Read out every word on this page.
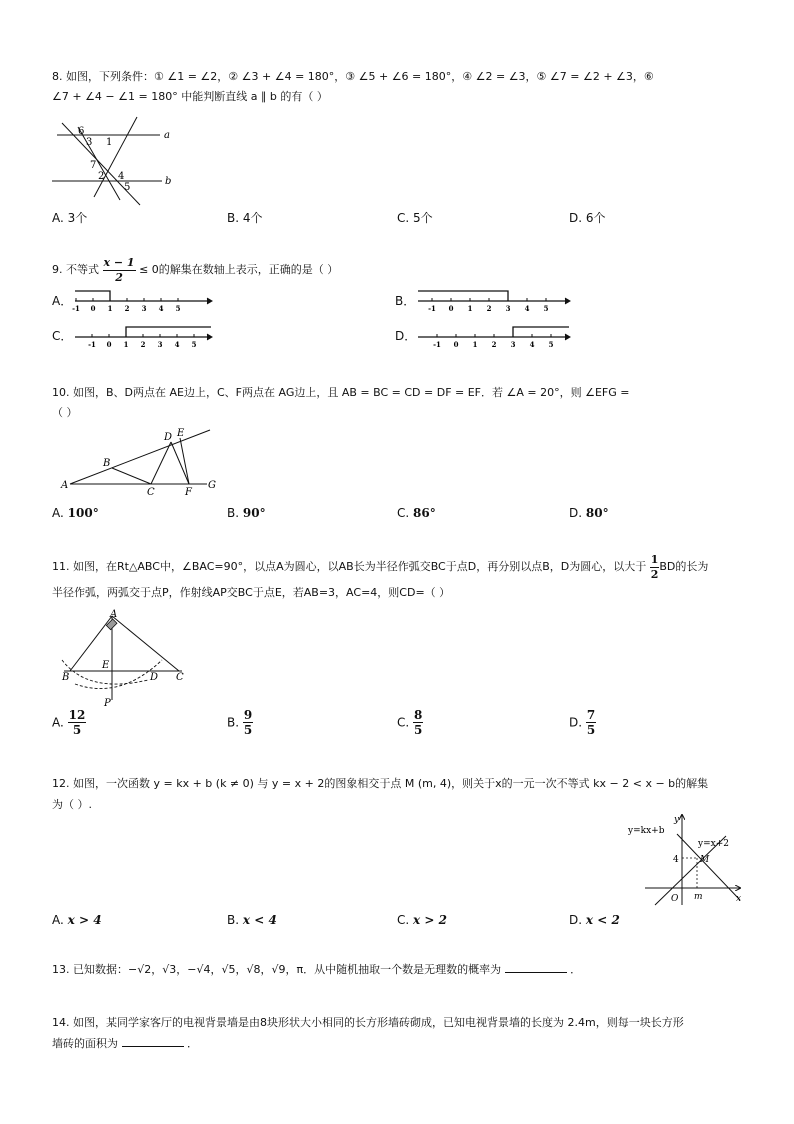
8. 如图，下列条件：① ∠1 = ∠2，② ∠3 + ∠4 = 180°，③ ∠5 + ∠6 = 180°，④ ∠2 = ∠3，⑤ ∠7 = ∠2 + ∠3，⑥
∠7 + ∠4 − ∠1 = 180° 中能判断直线 a ∥ b 的有（ ）
a
b
6
3 1
7
2 4
5
A. 3个	B. 4个	C. 5个	D. 6个
9. 不等式 $\frac{x - 1}{2} \le 0$的解集在数轴上表示，正确的是（ ）
A．	B．
C．	D．
-1 0 1 2 3 4 5	-1 0 1 2 3 4 5
-1 0 1 2 3 4 5	-1 0 1 2 3 4 5
10. 如图，B、D两点在 AE边上，C、F两点在 AG边上，且 AB = BC = CD = DF = EF．若 ∠A = 20°，则 ∠EFG =
（ ）
A
B
C
D E
F
G
A. 100°	B. 90°	C. 86°	D. 80°
11. 如图，在Rt△ABC中，∠BAC=90°，以点A为圆心，以AB长为半径作弧交BC于点D，再分别以点B，D为圆心，以大于 $\frac{1}{2}$ BD的长为
半径作弧，两弧交于点P，作射线AP交BC于点E，若AB=3，AC=4，则CD=（ ）
A
B	C
D
E
P
A. $\frac{12}{5}$	B. $\frac{9}{5}$	C. $\frac{8}{5}$	D. $\frac{7}{5}$
12. 如图，一次函数 y = kx + b (k ≠ 0) 与 y = x + 2的图象相交于点 M (m, 4)，则关于x的一元一次不等式 kx − 2 < x − b的解集
为（ ）.
y=kx+b
y=x+2
y
x
O
4 M
m
A. x > 4	B. x < 4	C. x > 2	D. x < 2
13. 已知数据：−√2，√3，−√4，√5，√8，√9，π．从中随机抽取一个数是无理数的概率为	．
14. 如图，某同学家客厅的电视背景墙是由8块形状大小相同的长方形墙砖砌成，已知电视背景墙的长度为 2.4m，则每一块长方形
墙砖的面积为	．
